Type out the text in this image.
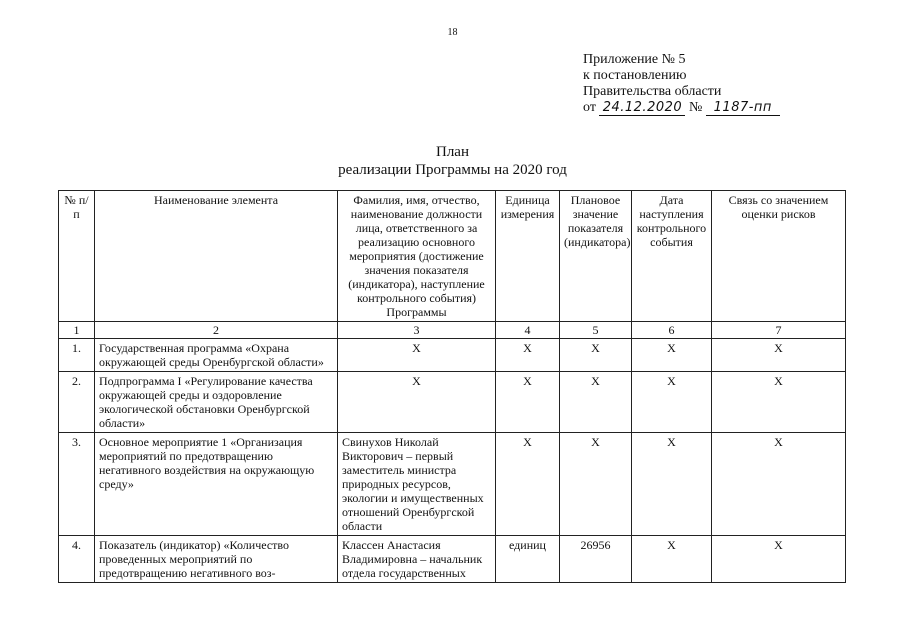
18
Приложение № 5
к постановлению
Правительства области
от 24.12.2020 № 1187-пп
План
реализации Программы на 2020 год
№ п/п	Наименование элемента	Фамилия, имя, отчество, наименование должности лица, ответственного за реализацию основного мероприятия (достижение значения показателя (индикатора), наступление контрольного события) Программы	Единица измерения	Плановое значение показателя (индикатора)	Дата наступления контрольного события	Связь со значением оценки рисков
1	2	3	4	5	6	7
1.	Государственная программа «Охрана окружающей среды Оренбургской области»	Х	Х	Х	Х	Х
2.	Подпрограмма I «Регулирование качества окружающей среды и оздоровление экологической обстановки Оренбургской области»	Х	Х	Х	Х	Х
3.	Основное мероприятие 1 «Организация мероприятий по предотвращению негативного воздействия на окружающую среду»	Свинухов Николай Викторович – первый заместитель министра природных ресурсов, экологии и имущественных отношений Оренбургской области	Х	Х	Х	Х
4.	Показатель (индикатор) «Количество проведенных мероприятий по предотвращению негативного воз-	Классен Анастасия Владимировна – начальник отдела государственных	единиц	26956	Х	Х
